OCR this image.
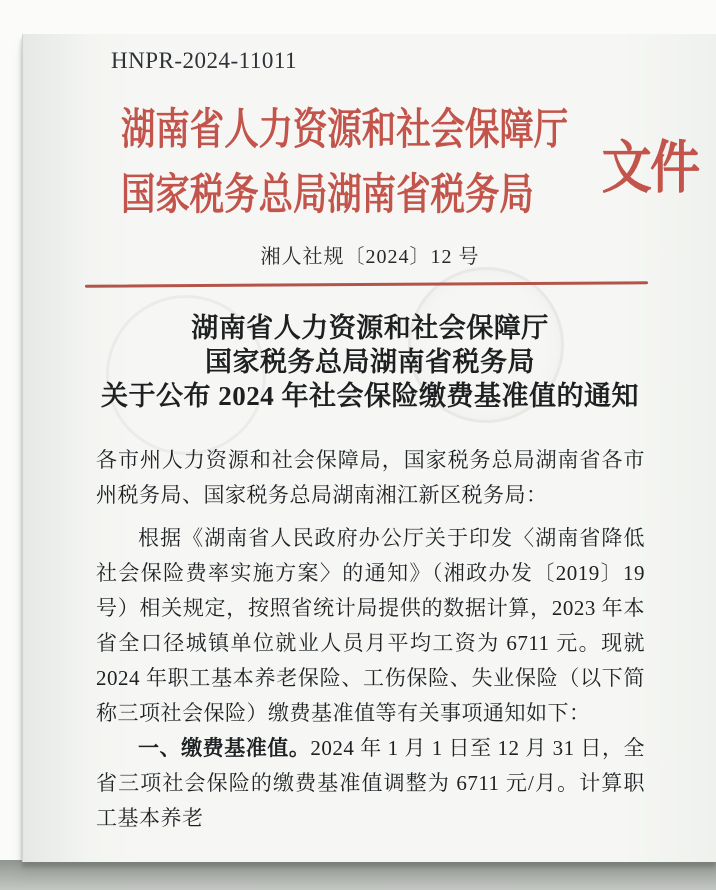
HNPR-2024-11011
湖南省人力资源和社会保障厅
国家税务总局湖南省税务局	文件
湘人社规〔2024〕12 号
湖南省人力资源和社会保障厅
国家税务总局湖南省税务局
关于公布 2024 年社会保险缴费基准值的通知

各市州人力资源和社会保障局，国家税务总局湖南省各市州税务局、国家税务总局湖南湘江新区税务局：

根据《湖南省人民政府办公厅关于印发〈湖南省降低社会保险费率实施方案〉的通知》（湘政办发〔2019〕19 号）相关规定，按照省统计局提供的数据计算，2023 年本省全口径城镇单位就业人员月平均工资为 6711 元。现就 2024 年职工基本养老保险、工伤保险、失业保险（以下简称三项社会保险）缴费基准值等有关事项通知如下：

一、缴费基准值。2024 年 1 月 1 日至 12 月 31 日，全省三项社会保险的缴费基准值调整为 6711 元/月。计算职工基本养老
